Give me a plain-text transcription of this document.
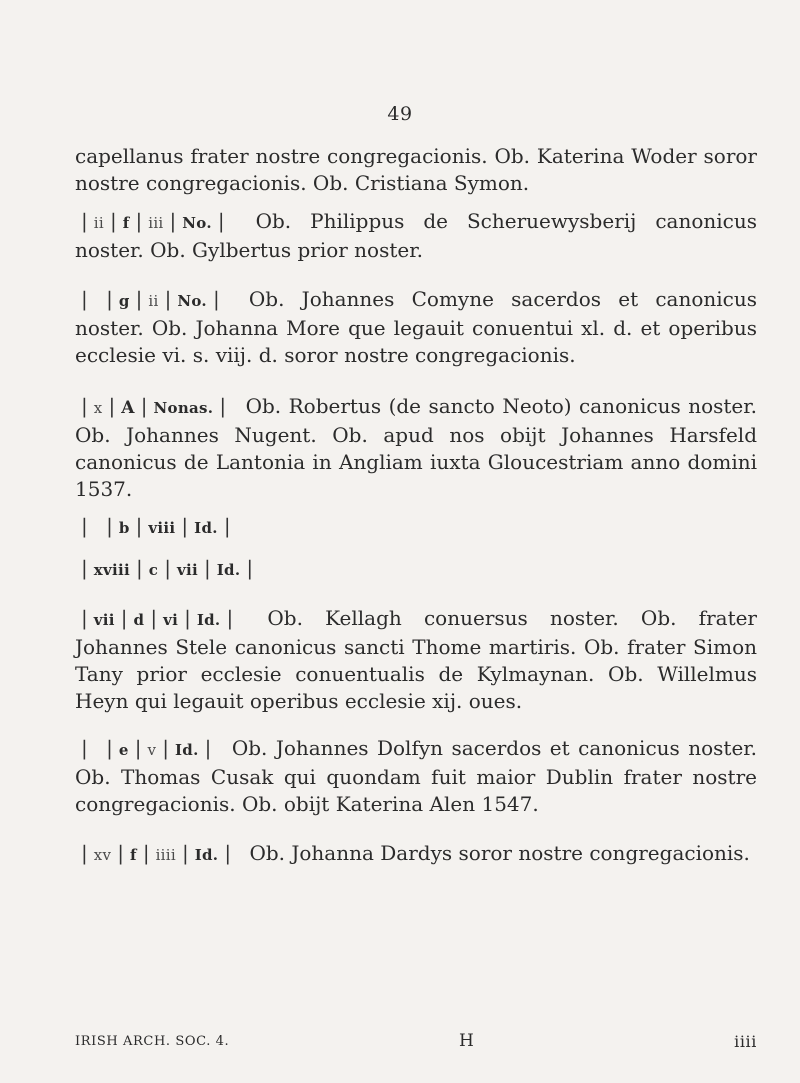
49
capellanus frater nostre congregacionis. Ob. Katerina Woder soror nostre congregacionis. Ob. Cristiana Symon.
| ii | f | iii | No. | Ob. Philippus de Scheruewysberij canonicus noster. Ob. Gylbertus prior noster.
| | g | ii | No. | Ob. Johannes Comyne sacerdos et canonicus noster. Ob. Johanna More que legauit conuentui xl. d. et operibus ecclesie vi. s. viij. d. soror nostre congregacionis.
| x | A | Nonas. | Ob. Robertus (de sancto Neoto) canonicus noster. Ob. Johannes Nugent. Ob. apud nos obijt Johannes Harsfeld canonicus de Lantonia in Angliam iuxta Gloucestriam anno domini 1537.
| | b | viii | Id. |
| xviii | c | vii | Id. |
| vii | d | vi | Id. | Ob. Kellagh conuersus noster. Ob. frater Johannes Stele canonicus sancti Thome martiris. Ob. frater Simon Tany prior ecclesie conuentualis de Kylmaynan. Ob. Willelmus Heyn qui legauit operibus ecclesie xij. oues.
| | e | v | Id. | Ob. Johannes Dolfyn sacerdos et canonicus noster. Ob. Thomas Cusak qui quondam fuit maior Dublin frater nostre congregacionis. Ob. obijt Katerina Alen 1547.
| xv | f | iiii | Id. | Ob. Johanna Dardys soror nostre congregacionis.
IRISH ARCH. SOC. 4.	H	iiii
